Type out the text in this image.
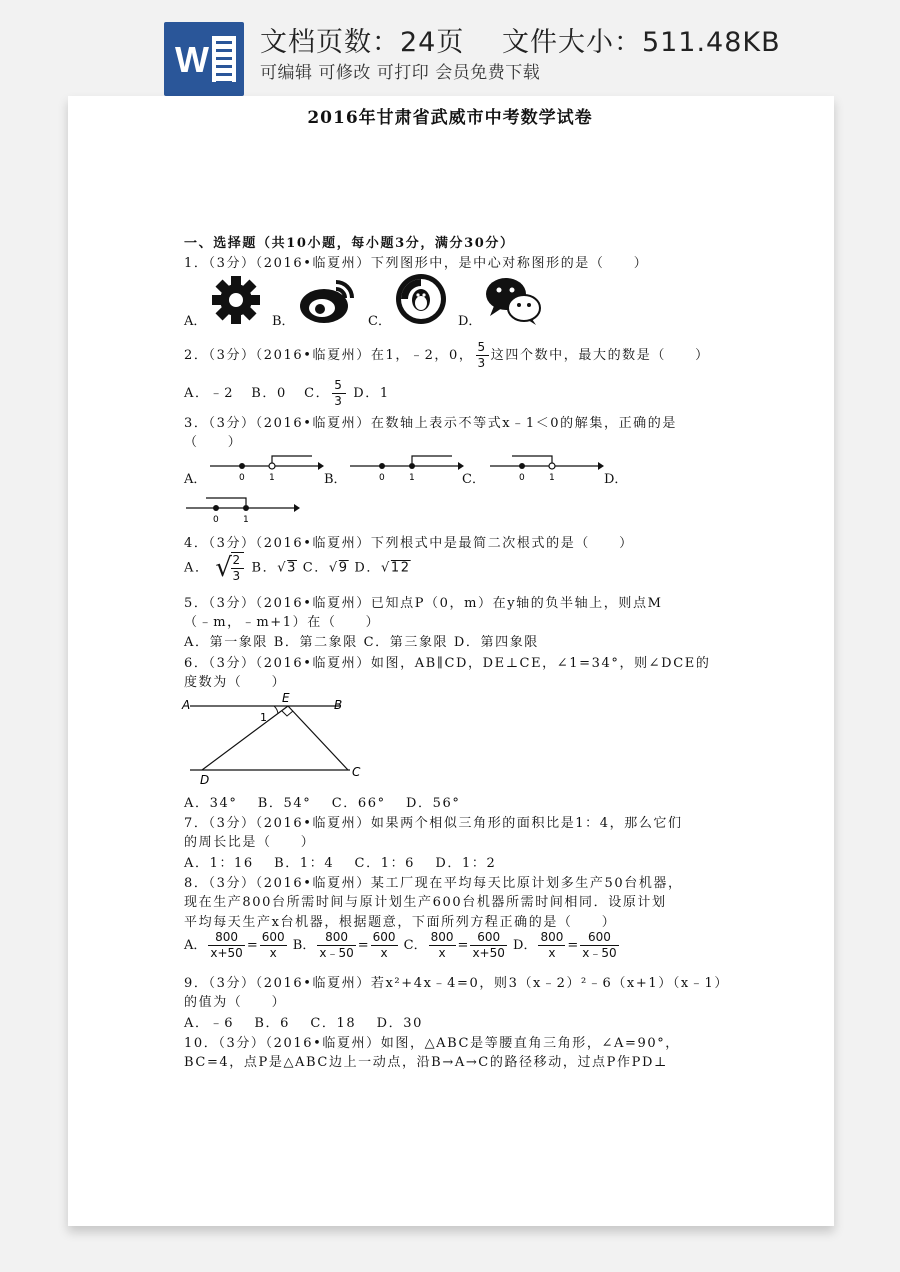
W 文档页数：24页　 文件大小：511.48KB
可编辑 可修改 可打印 会员免费下载
2016年甘肃省武威市中考数学试卷
一、选择题（共10小题，每小题3分，满分30分）
1．（3分）（2016•临夏州）下列图形中，是中心对称图形的是（　　）
A．	B．	C．	D．
2．（3分）（2016•临夏州）在1，﹣2，0， $\frac{5}{3}$ 这四个数中，最大的数是（　　）
A．﹣2 B．0 C． $\frac{5}{3}$ D．1
3．（3分）（2016•临夏州）在数轴上表示不等式x﹣1＜0的解集，正确的是
（　　）
A．	B．	C．	D．
0	1	0	1	0	1
0	1
4．（3分）（2016•临夏州）下列根式中是最简二次根式的是（　　）
A． √
$\frac{2}{3}$ B．√3 C．√9 D．√12
5．（3分）（2016•临夏州）已知点P（0，m）在y轴的负半轴上，则点M
（﹣m，﹣m+1）在（　　）
A．第一象限 B．第二象限 C．第三象限 D．第四象限
6．（3分）（2016•临夏州）如图，AB∥CD，DE⊥CE，∠1=34°，则∠DCE的
度数为（　　）
A	B
E
C
D
1
A．34°　 B．54°　 C．66°　 D．56°
7．（3分）（2016•临夏州）如果两个相似三角形的面积比是1：4，那么它们
的周长比是（　　）
A．1：16　 B．1：4　 C．1：6　 D．1：2
8．（3分）（2016•临夏州）某工厂现在平均每天比原计划多生产50台机器，
现在生产800台所需时间与原计划生产600台机器所需时间相同．设原计划
平均每天生产x台机器，根据题意，下面所列方程正确的是（　　）
A． $\frac{800}{x+50} = \frac{600}{x}$ B． $\frac{800}{x﹣50} = \frac{600}{x}$ C． $\frac{800}{x} = \frac{600}{x+50}$ D． $\frac{800}{x} = \frac{600}{x﹣50}$
9．（3分）（2016•临夏州）若x²+4x﹣4=0，则3（x﹣2）²﹣6（x+1）（x﹣1）
的值为（　　）
A．﹣6　 B．6　 C．18　 D．30
10．（3分）（2016•临夏州）如图，△ABC是等腰直角三角形，∠A=90°，
BC=4，点P是△ABC边上一动点，沿B→A→C的路径移动，过点P作PD⊥
